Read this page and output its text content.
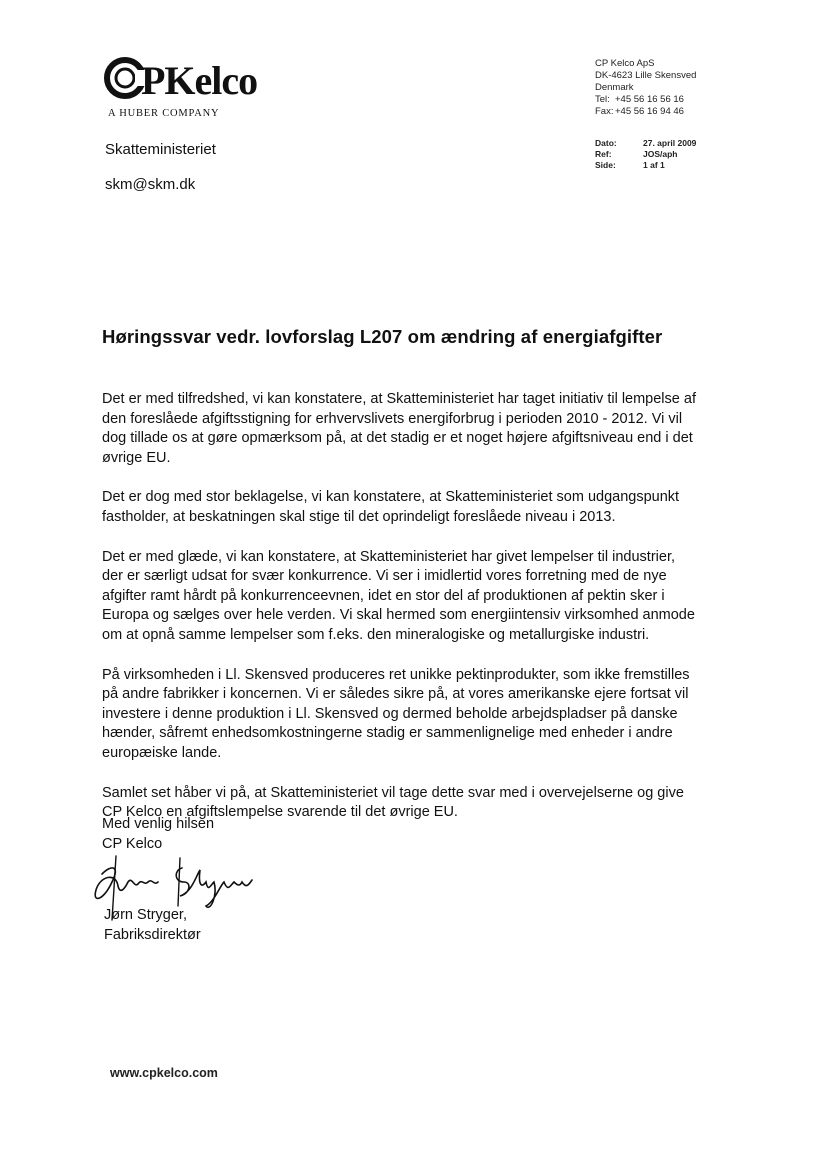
PKelco
A HUBER COMPANY
CP Kelco ApS
DK-4623 Lille Skensved
Denmark
Tel: +45 56 16 56 16
Fax: +45 56 16 94 46
Dato:	27. april 2009
Ref:	JOS/aph
Side:	1 af 1
Skatteministeriet
skm@skm.dk
Høringssvar vedr. lovforslag L207 om ændring af energiafgifter

Det er med tilfredshed, vi kan konstatere, at Skatteministeriet har taget initiativ til lempelse af
den foreslåede afgiftsstigning for erhvervslivets energiforbrug i perioden 2010 - 2012. Vi vil
dog tillade os at gøre opmærksom på, at det stadig er et noget højere afgiftsniveau end i det
øvrige EU.

Det er dog med stor beklagelse, vi kan konstatere, at Skatteministeriet som udgangspunkt
fastholder, at beskatningen skal stige til det oprindeligt foreslåede niveau i 2013.

Det er med glæde, vi kan konstatere, at Skatteministeriet har givet lempelser til industrier,
der er særligt udsat for svær konkurrence. Vi ser i imidlertid vores forretning med de nye
afgifter ramt hårdt på konkurrenceevnen, idet en stor del af produktionen af pektin sker i
Europa og sælges over hele verden. Vi skal hermed som energiintensiv virksomhed anmode
om at opnå samme lempelser som f.eks. den mineralogiske og metallurgiske industri.

På virksomheden i Ll. Skensved produceres ret unikke pektinprodukter, som ikke fremstilles
på andre fabrikker i koncernen. Vi er således sikre på, at vores amerikanske ejere fortsat vil
investere i denne produktion i Ll. Skensved og dermed beholde arbejdspladser på danske
hænder, såfremt enhedsomkostningerne stadig er sammenlignelige med enheder i andre
europæiske lande.

Samlet set håber vi på, at Skatteministeriet vil tage dette svar med i overvejelserne og give
CP Kelco en afgiftslempelse svarende til det øvrige EU.

Med venlig hilsen
CP Kelco
Jørn Stryger,
Fabriksdirektør
www.cpkelco.com
